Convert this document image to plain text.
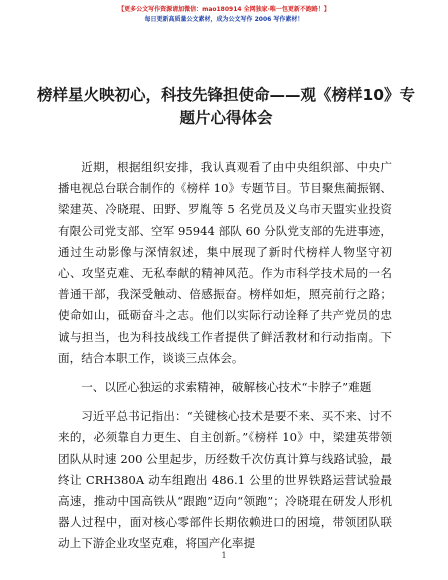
【更多公文写作资源请加微信：mao180914 全网独家·唯一包更新不跑路！】
每日更新高质量公文素材，成为公文写作 2006 写作素材！
榜样星火映初心，科技先锋担使命——观《榜样10》专题片心得体会

近期，根据组织安排，我认真观看了由中央组织部、中央广播电视总台联合制作的《榜样 10》专题节目。节目聚焦蔺振钢、梁建英、冷晓琨、田野、罗胤等 5 名党员及义乌市天盟实业投资有限公司党支部、空军 95944 部队 60 分队党支部的先进事迹，通过生动影像与深情叙述，集中展现了新时代榜样人物坚守初心、攻坚克难、无私奉献的精神风范。作为市科学技术局的一名普通干部，我深受触动、倍感振奋。榜样如炬，照亮前行之路；使命如山，砥砺奋斗之志。他们以实际行动诠释了共产党员的忠诚与担当，也为科技战线工作者提供了鲜活教材和行动指南。下面，结合本职工作，谈谈三点体会。

一、以匠心独运的求索精神，破解核心技术“卡脖子”难题

习近平总书记指出：“关键核心技术是要不来、买不来、讨不来的，必须靠自力更生、自主创新。”《榜样 10》中，梁建英带领团队从时速 200 公里起步，历经数千次仿真计算与线路试验，最终让 CRH380A 动车组跑出 486.1 公里的世界铁路运营试验最高速，推动中国高铁从“跟跑”迈向“领跑”；冷晓琨在研发人形机器人过程中，面对核心零部件长期依赖进口的困境，带领团队联动上下游企业攻坚克难，将国产化率提

1
